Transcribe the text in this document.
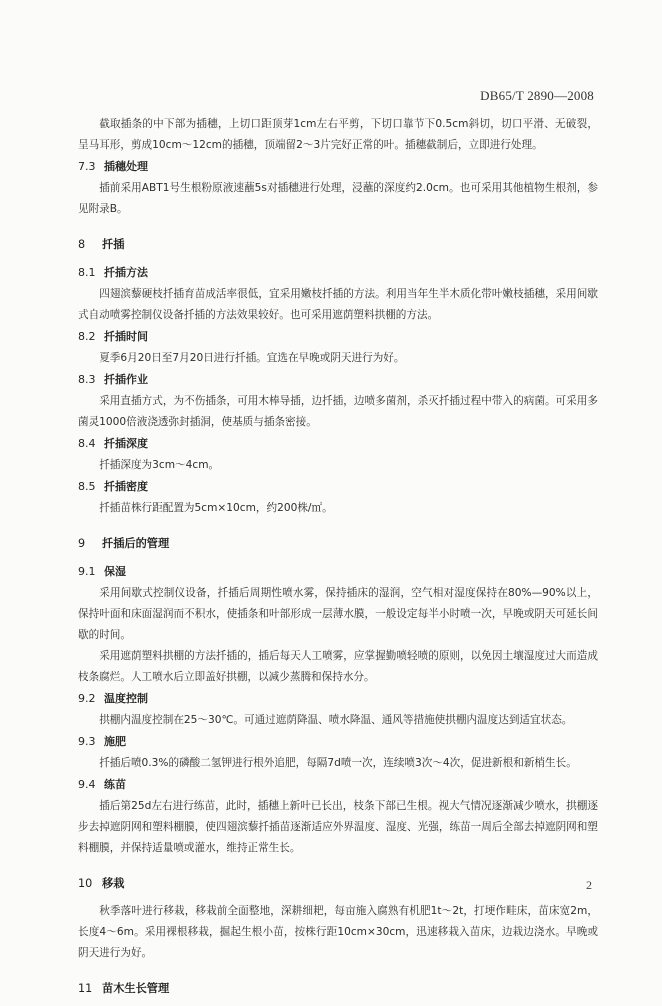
DB65/T 2890—2008

截取插条的中下部为插穗，上切口距顶芽1cm左右平剪，下切口靠节下0.5cm斜切，切口平滑、无破裂，呈马耳形，剪成10cm～12cm的插穗，顶端留2～3片完好正常的叶。插穗截制后，立即进行处理。

7.3 插穗处理

插前采用ABT1号生根粉原液速蘸5s对插穗进行处理，浸蘸的深度约2.0cm。也可采用其他植物生根剂，参见附录B。

8 扦插
8.1 扦插方法

四翅滨藜硬枝扦插育苗成活率很低，宜采用嫩枝扦插的方法。利用当年生半木质化带叶嫩枝插穗，采用间歇式自动喷雾控制仪设备扦插的方法效果较好。也可采用遮荫塑料拱棚的方法。

8.2 扦插时间

夏季6月20日至7月20日进行扦插。宜选在早晚或阴天进行为好。

8.3 扦插作业

采用直插方式，为不伤插条，可用木棒导插，边扦插，边喷多菌剂，杀灭扦插过程中带入的病菌。可采用多菌灵1000倍液浇透弥封插洞，使基质与插条密接。

8.4 扦插深度

扦插深度为3cm～4cm。

8.5 扦插密度

扦插苗株行距配置为5cm×10cm，约200株/㎡。

9 扦插后的管理
9.1 保湿

采用间歇式控制仪设备，扦插后周期性喷水雾，保持插床的湿润，空气相对湿度保持在80%—90%以上，保持叶面和床面湿润而不积水，使插条和叶部形成一层薄水膜，一般设定每半小时喷一次，早晚或阴天可延长间歇的时间。

采用遮荫塑料拱棚的方法扦插的，插后每天人工喷雾，应掌握勤喷轻喷的原则，以免因土壤湿度过大而造成枝条腐烂。人工喷水后立即盖好拱棚，以减少蒸腾和保持水分。

9.2 温度控制

拱棚内温度控制在25～30℃。可通过遮荫降温、喷水降温、通风等措施使拱棚内温度达到适宜状态。

9.3 施肥

扦插后喷0.3%的磷酸二氢钾进行根外追肥，每隔7d喷一次，连续喷3次～4次，促进新根和新梢生长。

9.4 练苗

插后第25d左右进行练苗，此时，插穗上新叶已长出，枝条下部已生根。视大气情况逐渐减少喷水，拱棚逐步去掉遮阴网和塑料棚膜，使四翅滨藜扦插苗逐渐适应外界温度、湿度、光强，练苗一周后全部去掉遮阴网和塑料棚膜，并保持适量喷或灌水，维持正常生长。

10 移栽

秋季落叶进行移栽，移栽前全面整地，深耕细耙，每亩施入腐熟有机肥1t～2t，打埂作畦床，苗床宽2m，长度4～6m。采用裸根移栽，掘起生根小苗，按株行距10cm×30cm，迅速移栽入苗床，边栽边浇水。早晚或阴天进行为好。

11 苗木生长管理
2
